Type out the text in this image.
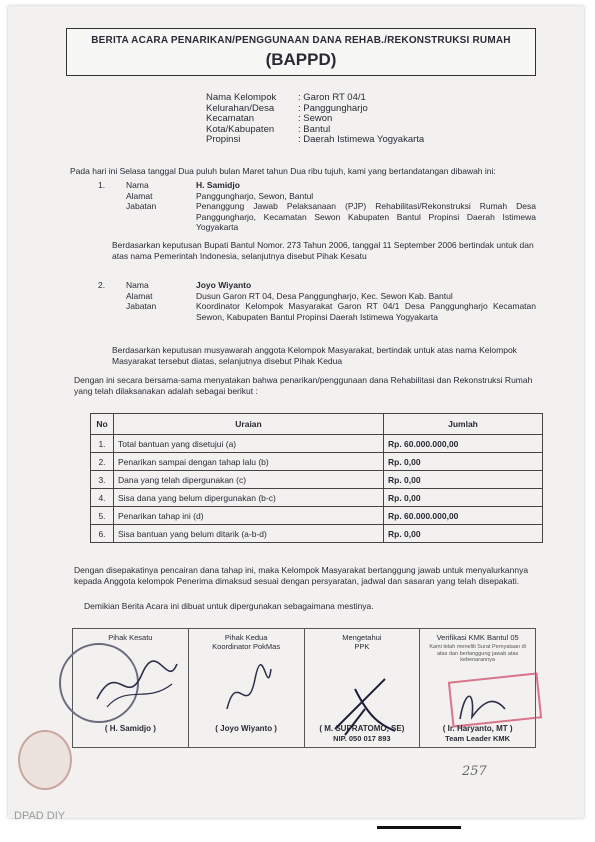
BERITA ACARA PENARIKAN/PENGGUNAAN DANA REHAB./REKONSTRUKSI RUMAH
(BAPPD)
Nama Kelompok	: Garon RT 04/1
Kelurahan/Desa	: Panggungharjo
Kecamatan	: Sewon
Kota/Kabupaten	: Bantul
Propinsi	: Daerah Istimewa Yogyakarta
Pada hari ini Selasa tanggal Dua puluh bulan Maret tahun Dua ribu tujuh, kami yang bertandatangan dibawah ini:
1.	Nama	H. Samidjo
Alamat	Panggungharjo, Sewon, Bantul
Jabatan	Penanggung Jawab Pelaksanaan (PJP) Rehabilitasi/Rekonstruksi Rumah Desa Panggungharjo, Kecamatan Sewon Kabupaten Bantul Propinsi Daerah Istimewa Yogyakarta
Berdasarkan keputusan Bupati Bantul Nomor. 273 Tahun 2006, tanggal 11 September 2006 bertindak untuk dan atas nama Pemerintah Indonesia, selanjutnya disebut Pihak Kesatu
2.	Nama	Joyo Wiyanto
Alamat	Dusun Garon RT 04, Desa Panggungharjo, Kec. Sewon Kab. Bantul
Jabatan	Koordinator Kelompok Masyarakat Garon RT 04/1 Desa Panggungharjo Kecamatan Sewon, Kabupaten Bantul Propinsi Daerah Istimewa Yogyakarta
Berdasarkan keputusan musyawarah anggota Kelompok Masyarakat, bertindak untuk atas nama Kelompok Masyarakat tersebut diatas, selanjutnya disebut Pihak Kedua
Dengan ini secara bersama-sama menyatakan bahwa penarikan/penggunaan dana Rehabilitasi dan Rekonstruksi Rumah yang telah dilaksanakan adalah sebagai berikut :
No	Uraian	Jumlah
1.	Total bantuan yang disetujui (a)	Rp. 60.000.000,00
2.	Penarikan sampai dengan tahap lalu (b)	Rp. 0,00
3.	Dana yang telah dipergunakan (c)	Rp. 0,00
4.	Sisa dana yang belum dipergunakan (b-c)	Rp. 0,00
5.	Penarikan tahap ini (d)	Rp. 60.000.000,00
6.	Sisa bantuan yang belum ditarik (a-b-d)	Rp. 0,00
Dengan disepakatinya pencairan dana tahap ini, maka Kelompok Masyarakat bertanggung jawab untuk menyalurkannya kepada Anggota kelompok Penerima dimaksud sesuai dengan persyaratan, jadwal dan sasaran yang telah disepakati.
Demikian Berita Acara ini dibuat untuk dipergunakan sebagaimana mestinya.
Pihak Kesatu
( H. Samidjo )
Pihak Kedua
Koordinator PokMas
( Joyo Wiyanto )
Mengetahui
PPK
( M. SUPRATOMO, SE)
NIP. 050 017 893
Verifikasi KMK Bantul 05
Kami telah meneliti Surat Pernyataan di atas dan bertanggung jawab atas kebenarannya
( Ir. Haryanto, MT )
Team Leader KMK
257
DPAD DIY
